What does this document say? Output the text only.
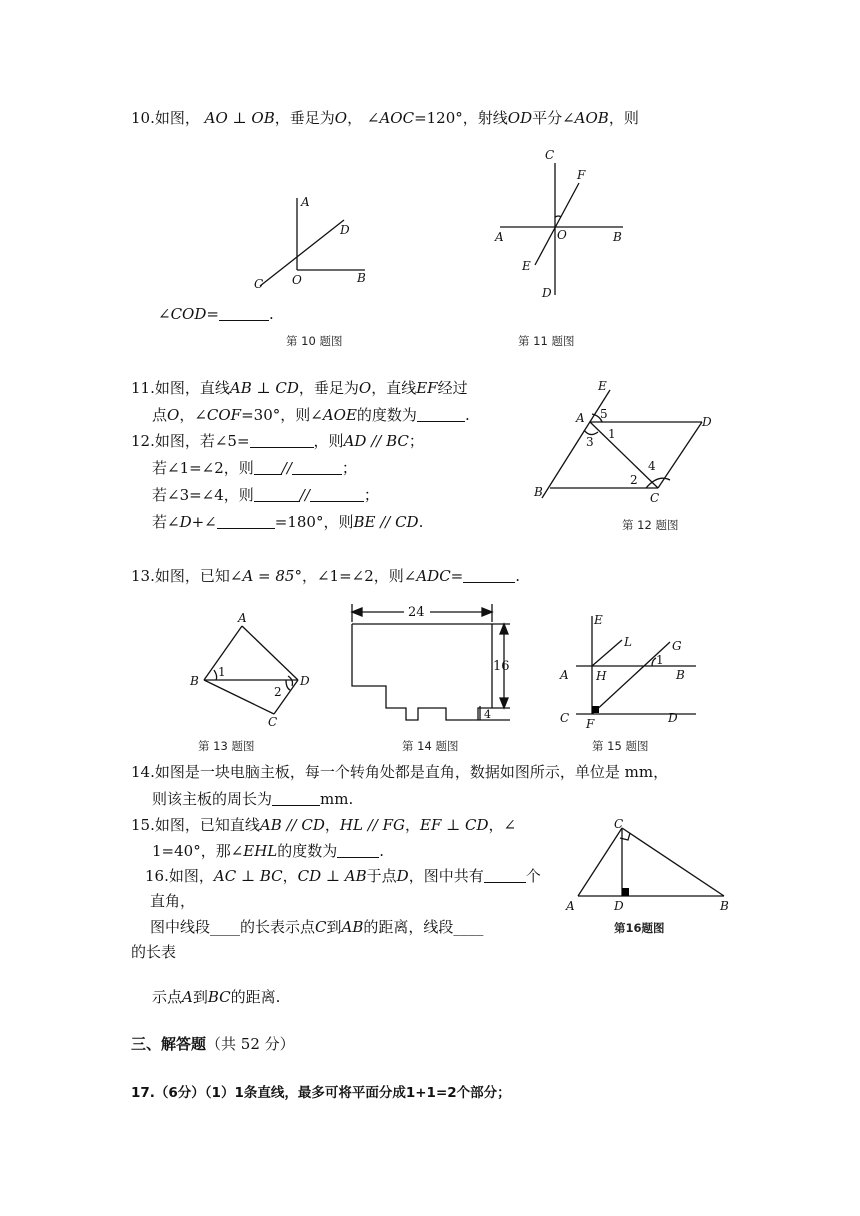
10.如图， AO ⊥ OB，垂足为O， ∠AOC=120°，射线OD平分∠AOB，则
A
D
C O	B
∠COD=	.
第 10 题图
C
F
A	O	B
E
D
第 11 题图
11.如图，直线AB ⊥ CD，垂足为O，直线EF经过
点O，∠COF=30°，则∠AOE的度数为	.
12.如图，若∠5=	，则AD // BC；
若∠1=∠2，则 //	；
若∠3=∠4，则	//	；
若∠D+∠	=180°，则BE // CD.
E
A 5
1
3
D
4
2
B	C
第 12 题图
13.如图，已知∠A = 85°，∠1=∠2，则∠ADC=	.
A
1
B
2
D
C
第 13 题图
24
16
4
第 14 题图
E
L	G
1
A H	B
C F	D
第 15 题图
14.如图是一块电脑主板，每一个转角处都是直角，数据如图所示，单位是 mm，
则该主板的周长为	mm.
15.如图，已知直线AB // CD，HL // FG，EF ⊥ CD，∠
1=40°，那∠EHL的度数为	.
16.如图，AC ⊥ BC，CD ⊥ AB于点D，图中共有	个
直角，
图中线段____的长表示点C到AB的距离，线段____
的长表
示点A到BC的距离.
C
A	D	B
第16题图
三、解答题（共 52 分）
17.（6分）（1）1条直线，最多可将平面分成1+1=2个部分；
